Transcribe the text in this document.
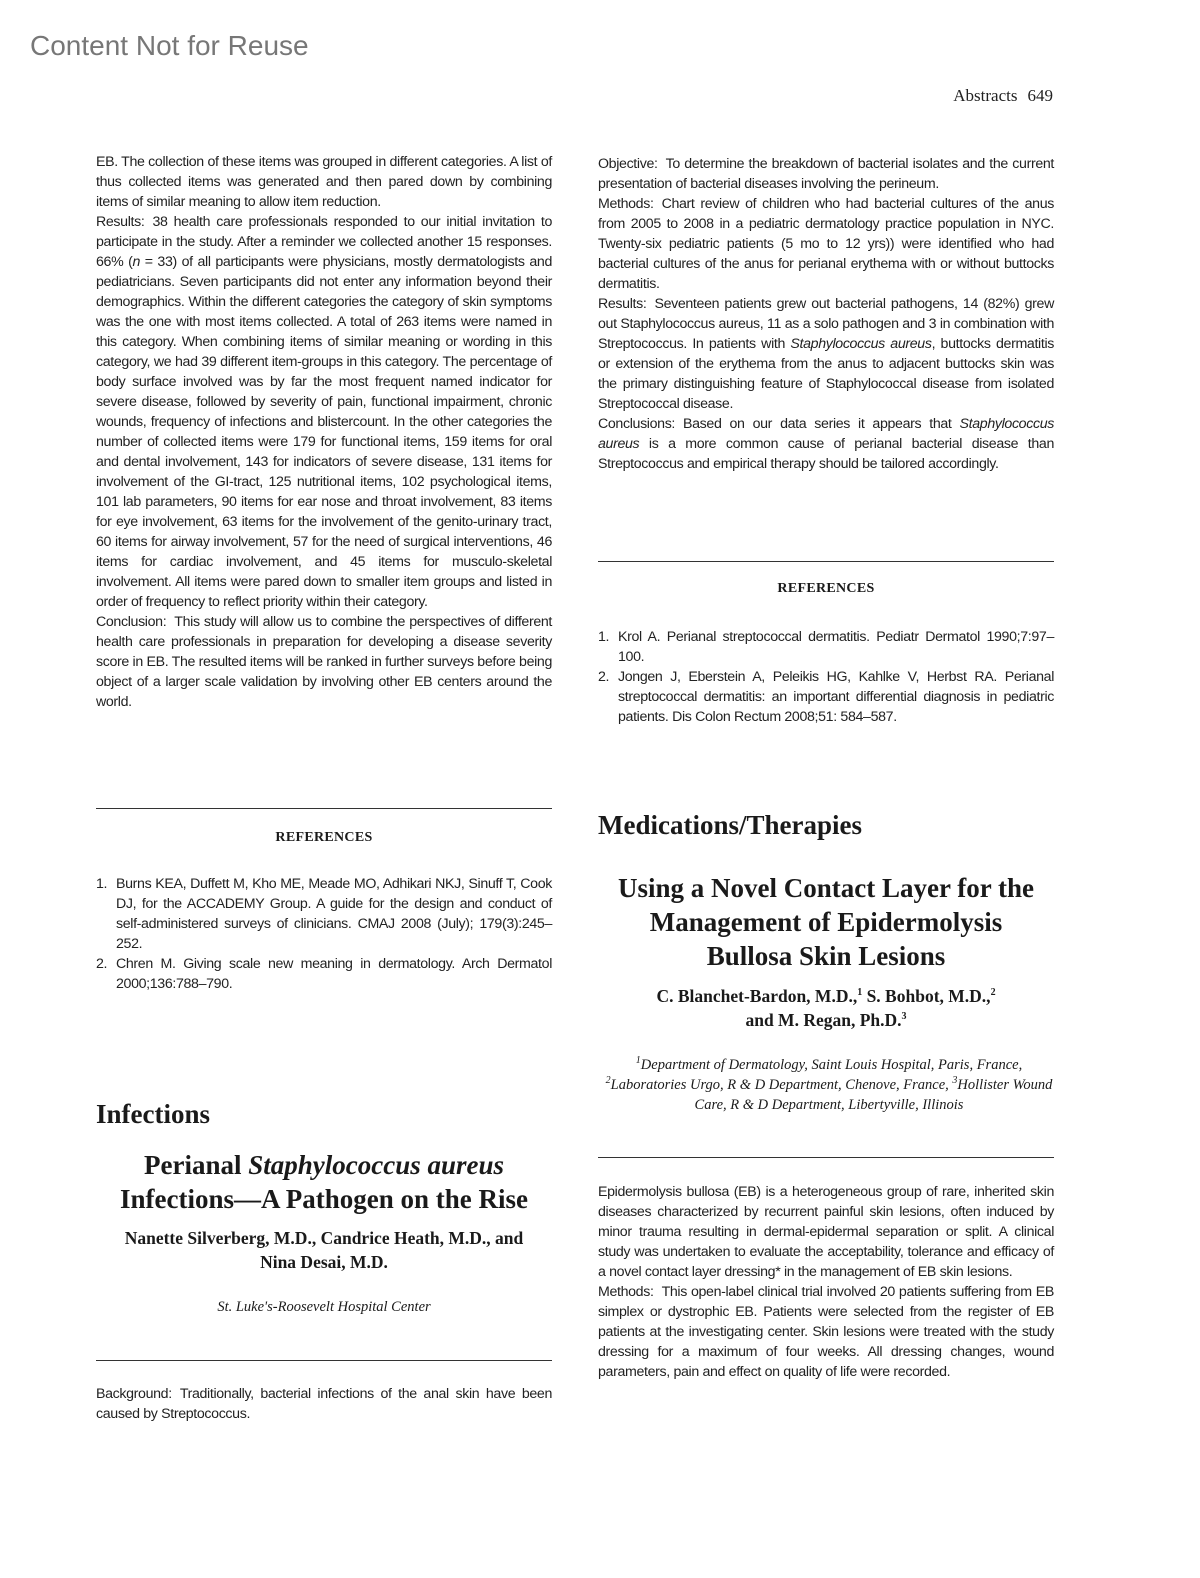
Content Not for Reuse
Abstracts 649

EB. The collection of these items was grouped in different categories. A list of thus collected items was generated and then pared down by combining items of similar meaning to allow item reduction.

Results: 38 health care professionals responded to our initial invitation to participate in the study. After a reminder we collected another 15 responses. 66% (n = 33) of all participants were physicians, mostly dermatologists and pediatricians. Seven participants did not enter any information beyond their demographics. Within the different categories the category of skin symptoms was the one with most items collected. A total of 263 items were named in this category. When combining items of similar meaning or wording in this category, we had 39 different item-groups in this category. The percentage of body surface involved was by far the most frequent named indicator for severe disease, followed by severity of pain, functional impairment, chronic wounds, frequency of infections and blistercount. In the other categories the number of collected items were 179 for functional items, 159 items for oral and dental involvement, 143 for indicators of severe disease, 131 items for involvement of the GI-tract, 125 nutritional items, 102 psychological items, 101 lab parameters, 90 items for ear nose and throat involvement, 83 items for eye involvement, 63 items for the involvement of the genito-urinary tract, 60 items for airway involvement, 57 for the need of surgical interventions, 46 items for cardiac involvement, and 45 items for musculo-skeletal involvement. All items were pared down to smaller item groups and listed in order of frequency to reflect priority within their category.

Conclusion: This study will allow us to combine the perspectives of different health care professionals in preparation for developing a disease severity score in EB. The resulted items will be ranked in further surveys before being object of a larger scale validation by involving other EB centers around the world.

REFERENCES
1. Burns KEA, Duffett M, Kho ME, Meade MO, Adhikari NKJ, Sinuff T, Cook DJ, for the ACCADEMY Group. A guide for the design and conduct of self-administered surveys of clinicians. CMAJ 2008 (July); 179(3):245–252.
2. Chren M. Giving scale new meaning in dermatology. Arch Dermatol 2000;136:788–790.
Infections
Perianal Staphylococcus aureus
Infections—A Pathogen on the Rise
Nanette Silverberg, M.D., Candrice Heath, M.D., and
Nina Desai, M.D.
St. Luke's-Roosevelt Hospital Center

Background: Traditionally, bacterial infections of the anal skin have been caused by Streptococcus.

Objective: To determine the breakdown of bacterial isolates and the current presentation of bacterial diseases involving the perineum.

Methods: Chart review of children who had bacterial cultures of the anus from 2005 to 2008 in a pediatric dermatology practice population in NYC. Twenty-six pediatric patients (5 mo to 12 yrs)) were identified who had bacterial cultures of the anus for perianal erythema with or without buttocks dermatitis.

Results: Seventeen patients grew out bacterial pathogens, 14 (82%) grew out Staphylococcus aureus, 11 as a solo pathogen and 3 in combination with Streptococcus. In patients with Staphylococcus aureus, buttocks dermatitis or extension of the erythema from the anus to adjacent buttocks skin was the primary distinguishing feature of Staphylococcal disease from isolated Streptococcal disease.

Conclusions: Based on our data series it appears that Staphylococcus aureus is a more common cause of perianal bacterial disease than Streptococcus and empirical therapy should be tailored accordingly.

REFERENCES
1. Krol A. Perianal streptococcal dermatitis. Pediatr Dermatol 1990;7:97–100.
2. Jongen J, Eberstein A, Peleikis HG, Kahlke V, Herbst RA. Perianal streptococcal dermatitis: an important differential diagnosis in pediatric patients. Dis Colon Rectum 2008;51: 584–587.
Medications/Therapies
Using a Novel Contact Layer for the
Management of Epidermolysis
Bullosa Skin Lesions
C. Blanchet-Bardon, M.D.,$^1$ S. Bohbot, M.D.,$^2$
and M. Regan, Ph.D.$^3$
$^1$Department of Dermatology, Saint Louis Hospital, Paris, France, $^2$Laboratories Urgo, R & D Department, Chenove, France, $^3$Hollister Wound Care, R & D Department, Libertyville, Illinois

Epidermolysis bullosa (EB) is a heterogeneous group of rare, inherited skin diseases characterized by recurrent painful skin lesions, often induced by minor trauma resulting in dermal-epidermal separation or split. A clinical study was undertaken to evaluate the acceptability, tolerance and efficacy of a novel contact layer dressing* in the management of EB skin lesions.

Methods: This open-label clinical trial involved 20 patients suffering from EB simplex or dystrophic EB. Patients were selected from the register of EB patients at the investigating center. Skin lesions were treated with the study dressing for a maximum of four weeks. All dressing changes, wound parameters, pain and effect on quality of life were recorded.
